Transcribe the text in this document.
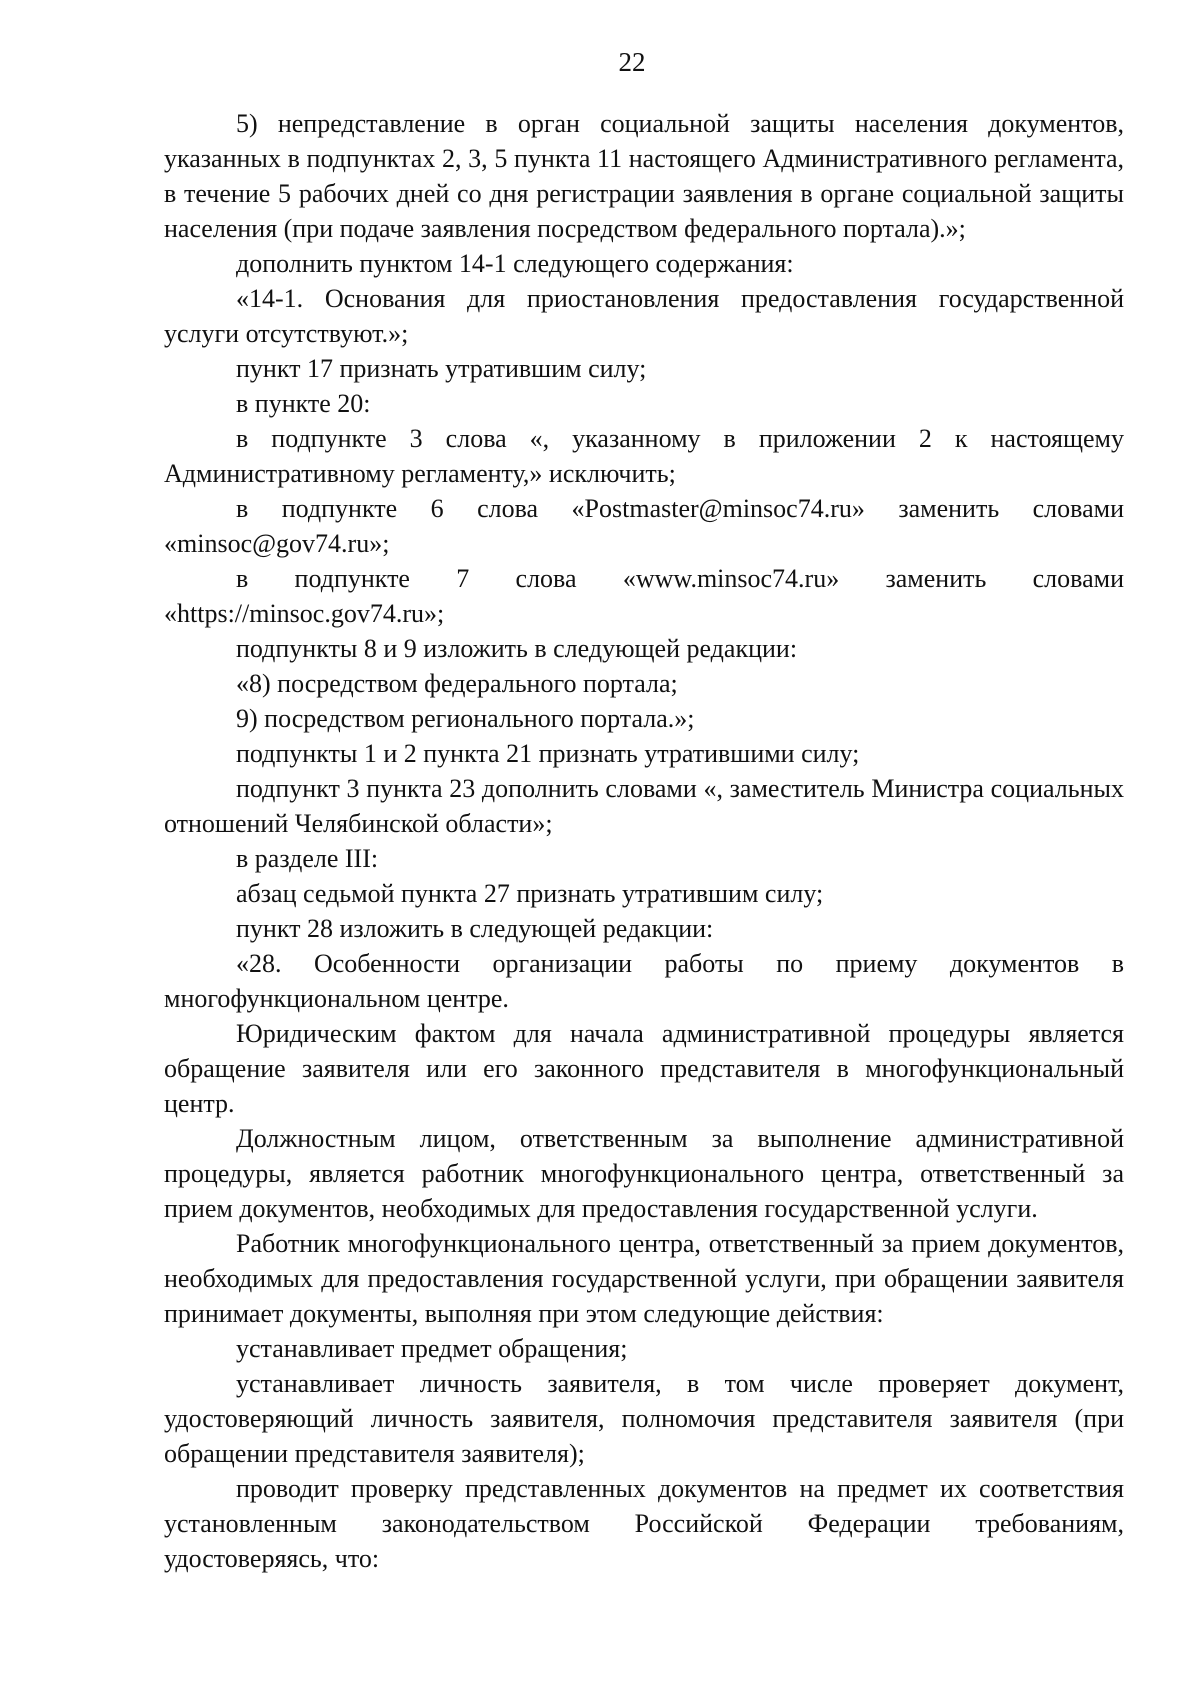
22

5) непредставление в орган социальной защиты населения документов, указанных в подпунктах 2, 3, 5 пункта 11 настоящего Административного регламента, в течение 5 рабочих дней со дня регистрации заявления в органе социальной защиты населения (при подаче заявления посредством федерального портала).»;

дополнить пунктом 14-1 следующего содержания:

«14-1. Основания для приостановления предоставления государственной услуги отсутствуют.»;

пункт 17 признать утратившим силу;

в пункте 20:

в подпункте 3 слова «, указанному в приложении 2 к настоящему Административному регламенту,» исключить;

в подпункте 6 слова «Postmaster@minsoc74.ru» заменить словами «minsoc@gov74.ru»;

в подпункте 7 слова «www.minsoc74.ru» заменить словами «https://minsoc.gov74.ru»;

подпункты 8 и 9 изложить в следующей редакции:

«8) посредством федерального портала;

9) посредством регионального портала.»;

подпункты 1 и 2 пункта 21 признать утратившими силу;

подпункт 3 пункта 23 дополнить словами «, заместитель Министра социальных отношений Челябинской области»;

в разделе III:

абзац седьмой пункта 27 признать утратившим силу;

пункт 28 изложить в следующей редакции:

«28. Особенности организации работы по приему документов в многофункциональном центре.

Юридическим фактом для начала административной процедуры является обращение заявителя или его законного представителя в многофункциональный центр.

Должностным лицом, ответственным за выполнение административной процедуры, является работник многофункционального центра, ответственный за прием документов, необходимых для предоставления государственной услуги.

Работник многофункционального центра, ответственный за прием документов, необходимых для предоставления государственной услуги, при обращении заявителя принимает документы, выполняя при этом следующие действия:

устанавливает предмет обращения;

устанавливает личность заявителя, в том числе проверяет документ, удостоверяющий личность заявителя, полномочия представителя заявителя (при обращении представителя заявителя);

проводит проверку представленных документов на предмет их соответствия установленным законодательством Российской Федерации требованиям, удостоверяясь, что:
